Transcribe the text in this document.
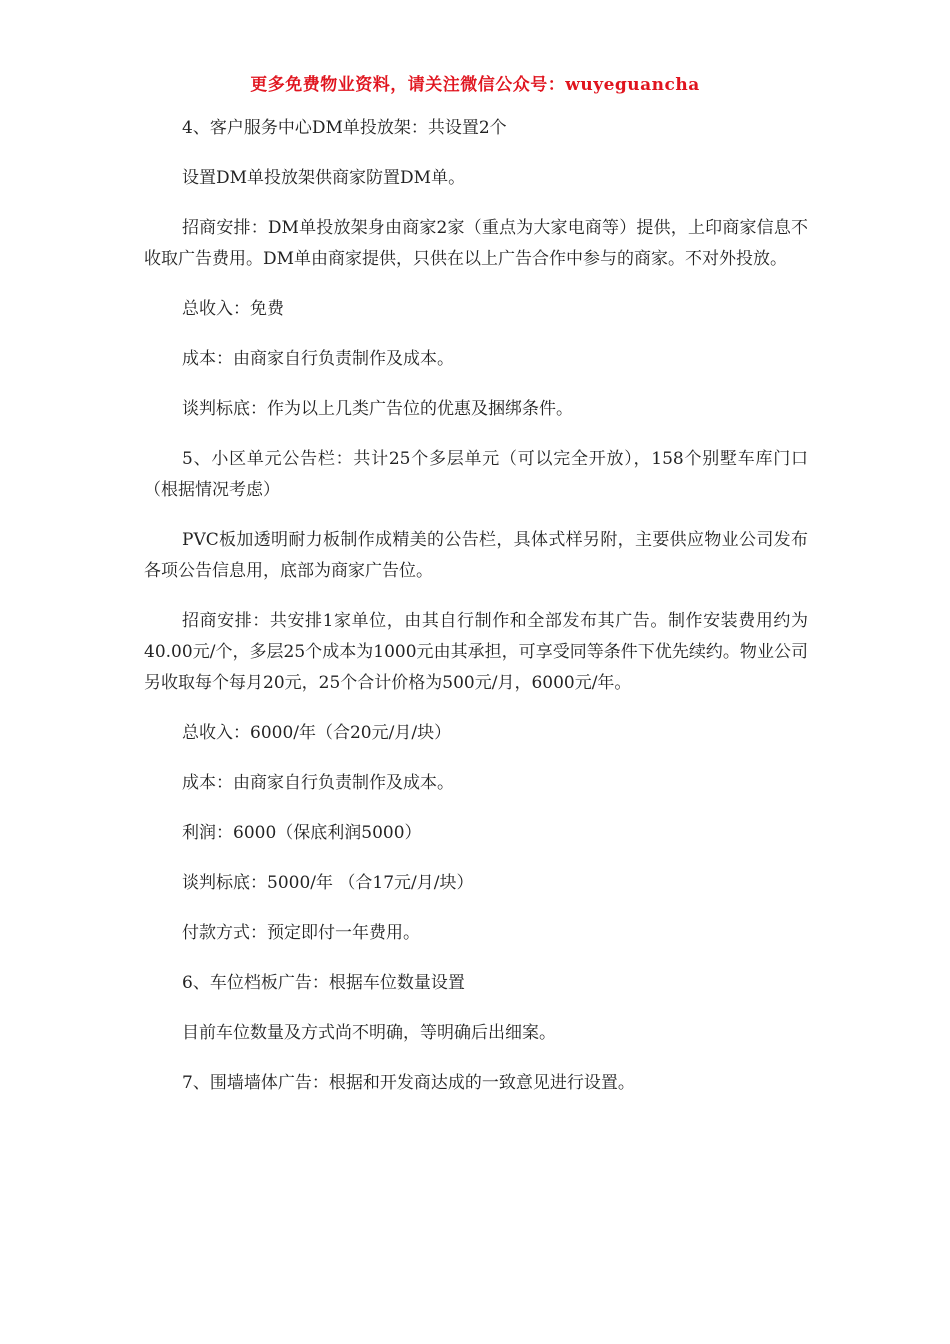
更多免费物业资料，请关注微信公众号：wuyeguancha

4、客户服务中心DM单投放架：共设置2个

设置DM单投放架供商家防置DM单。

招商安排：DM单投放架身由商家2家（重点为大家电商等）提供，上印商家信息不收取广告费用。DM单由商家提供，只供在以上广告合作中参与的商家。不对外投放。

总收入：免费

成本：由商家自行负责制作及成本。

谈判标底：作为以上几类广告位的优惠及捆绑条件。

5、小区单元公告栏：共计25个多层单元（可以完全开放），158个别墅车库门口（根据情况考虑）

PVC板加透明耐力板制作成精美的公告栏，具体式样另附，主要供应物业公司发布各项公告信息用，底部为商家广告位。

招商安排：共安排1家单位，由其自行制作和全部发布其广告。制作安装费用约为40.00元/个，多层25个成本为1000元由其承担，可享受同等条件下优先续约。物业公司另收取每个每月20元，25个合计价格为500元/月，6000元/年。

总收入：6000/年（合20元/月/块）

成本：由商家自行负责制作及成本。

利润：6000（保底利润5000）

谈判标底：5000/年 （合17元/月/块）

付款方式：预定即付一年费用。

6、车位档板广告：根据车位数量设置

目前车位数量及方式尚不明确，等明确后出细案。

7、围墙墙体广告：根据和开发商达成的一致意见进行设置。
